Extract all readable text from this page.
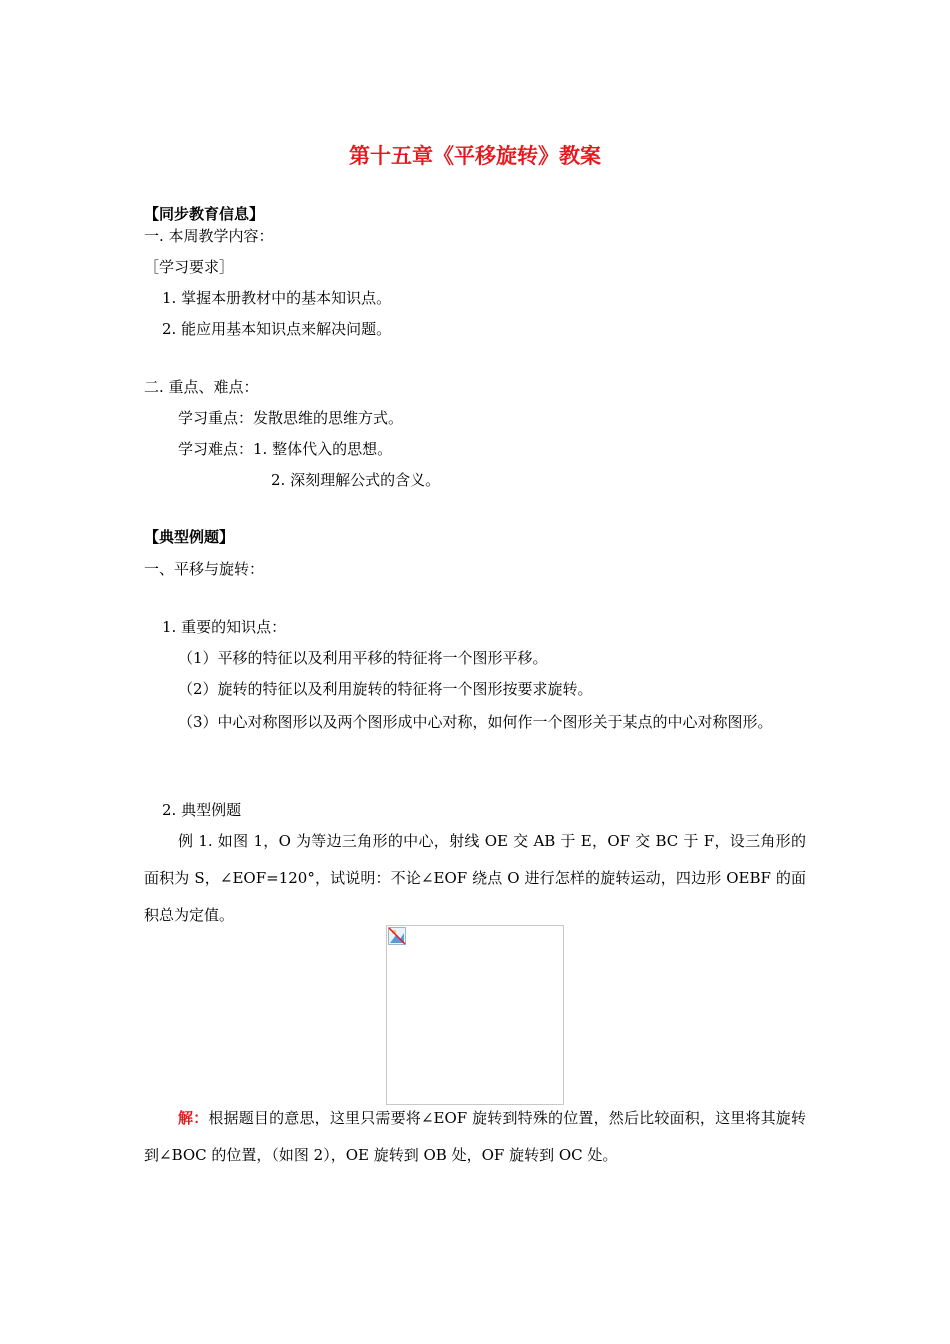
第十五章《平移旋转》教案
【同步教育信息】
一. 本周教学内容：
［学习要求］
1. 掌握本册教材中的基本知识点。
2. 能应用基本知识点来解决问题。
二. 重点、难点：
学习重点：发散思维的思维方式。
学习难点：1. 整体代入的思想。
2. 深刻理解公式的含义。
【典型例题】
一、平移与旋转：
1. 重要的知识点：
（1）平移的特征以及利用平移的特征将一个图形平移。
（2）旋转的特征以及利用旋转的特征将一个图形按要求旋转。
（3）中心对称图形以及两个图形成中心对称，如何作一个图形关于某点的中心对称图形。
2. 典型例题
例 1. 如图 1，O 为等边三角形的中心，射线 OE 交 AB 于 E，OF 交 BC 于 F，设三角形的面积为 S，∠EOF=120°，试说明：不论∠EOF 绕点 O 进行怎样的旋转运动，四边形 OEBF 的面积总为定值。
解：根据题目的意思，这里只需要将∠EOF 旋转到特殊的位置，然后比较面积，这里将其旋转到∠BOC 的位置，（如图 2），OE 旋转到 OB 处，OF 旋转到 OC 处。
